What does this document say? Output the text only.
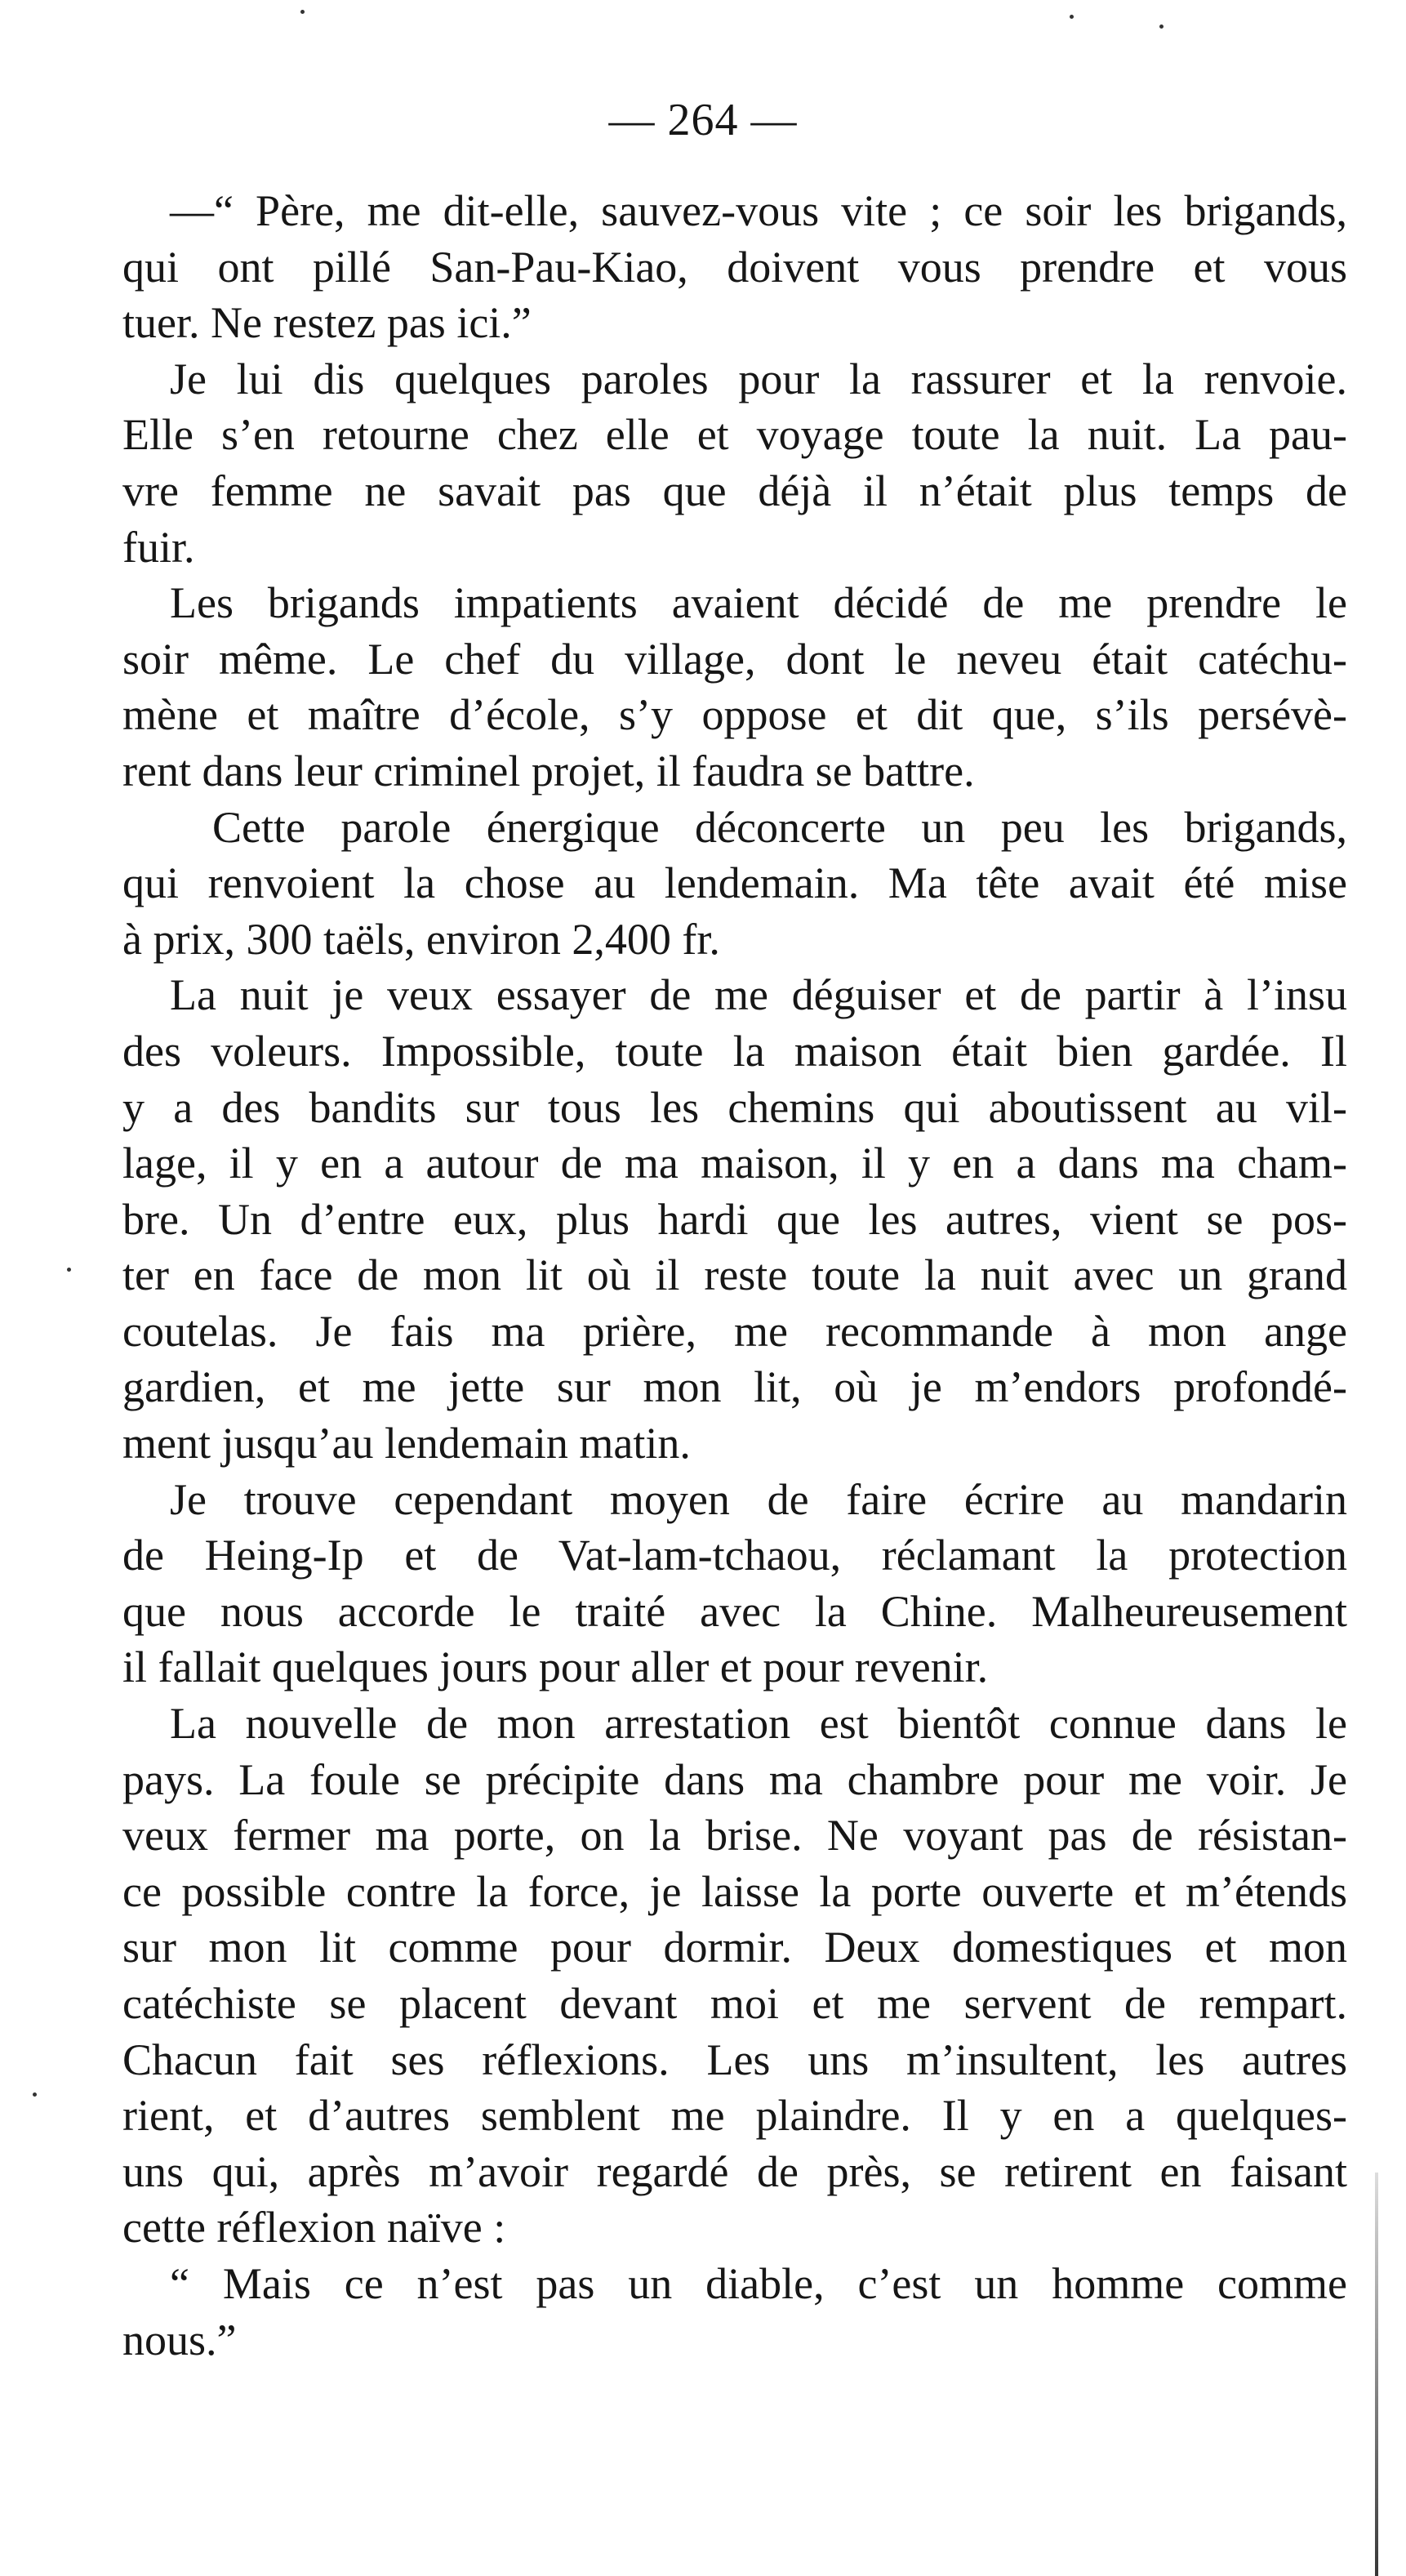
— 264 —
—“ Père, me dit-elle, sauvez-vous vite ; ce soir les brigands,
qui ont pillé San-Pau-Kiao, doivent vous prendre et vous
tuer. Ne restez pas ici.”
Je lui dis quelques paroles pour la rassurer et la renvoie.
Elle s’en retourne chez elle et voyage toute la nuit. La pau-
vre femme ne savait pas que déjà il n’était plus temps de
fuir.
Les brigands impatients avaient décidé de me prendre le
soir même. Le chef du village, dont le neveu était catéchu-
mène et maître d’école, s’y oppose et dit que, s’ils persévè-
rent dans leur criminel projet, il faudra se battre.
Cette parole énergique déconcerte un peu les brigands,
qui renvoient la chose au lendemain. Ma tête avait été mise
à prix, 300 taëls, environ 2,400 fr.
La nuit je veux essayer de me déguiser et de partir à l’insu
des voleurs. Impossible, toute la maison était bien gardée. Il
y a des bandits sur tous les chemins qui aboutissent au vil-
lage, il y en a autour de ma maison, il y en a dans ma cham-
bre. Un d’entre eux, plus hardi que les autres, vient se pos-
ter en face de mon lit où il reste toute la nuit avec un grand
coutelas. Je fais ma prière, me recommande à mon ange
gardien, et me jette sur mon lit, où je m’endors profondé-
ment jusqu’au lendemain matin.
Je trouve cependant moyen de faire écrire au mandarin
de Heing-Ip et de Vat-lam-tchaou, réclamant la protection
que nous accorde le traité avec la Chine. Malheureusement
il fallait quelques jours pour aller et pour revenir.
La nouvelle de mon arrestation est bientôt connue dans le
pays. La foule se précipite dans ma chambre pour me voir. Je
veux fermer ma porte, on la brise. Ne voyant pas de résistan-
ce possible contre la force, je laisse la porte ouverte et m’étends
sur mon lit comme pour dormir. Deux domestiques et mon
catéchiste se placent devant moi et me servent de rempart.
Chacun fait ses réflexions. Les uns m’insultent, les autres
rient, et d’autres semblent me plaindre. Il y en a quelques-
uns qui, après m’avoir regardé de près, se retirent en faisant
cette réflexion naïve :
“ Mais ce n’est pas un diable, c’est un homme comme
nous.”
